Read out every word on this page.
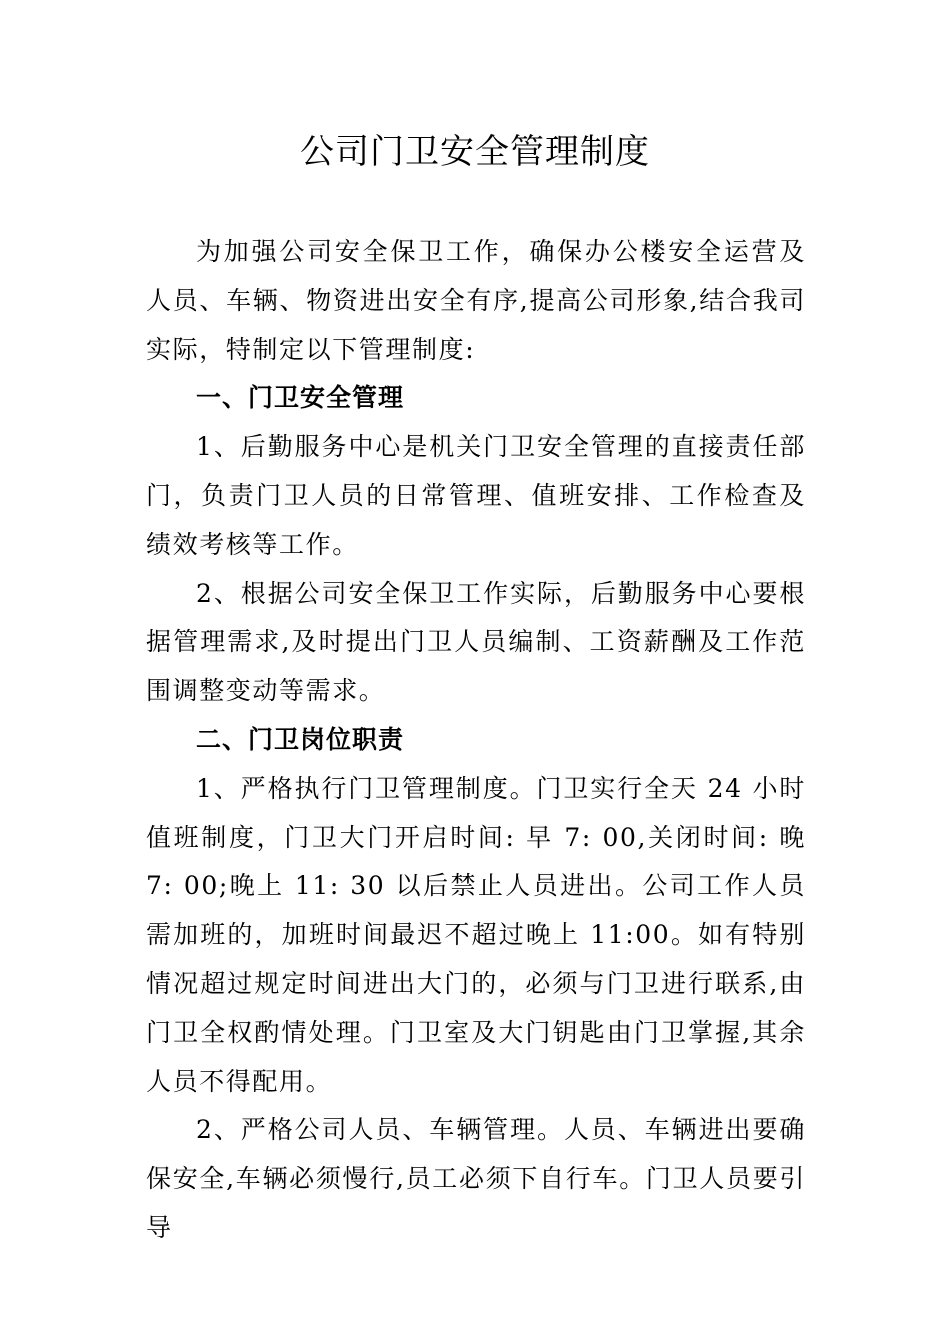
公司门卫安全管理制度

为加强公司安全保卫工作，确保办公楼安全运营及人员、车辆、物资进出安全有序,提高公司形象,结合我司实际，特制定以下管理制度:

一、门卫安全管理

1、后勤服务中心是机关门卫安全管理的直接责任部门，负责门卫人员的日常管理、值班安排、工作检查及绩效考核等工作。

2、根据公司安全保卫工作实际，后勤服务中心要根据管理需求,及时提出门卫人员编制、工资薪酬及工作范围调整变动等需求。

二、门卫岗位职责

1、严格执行门卫管理制度。门卫实行全天 24 小时值班制度，门卫大门开启时间: 早 7: 00,关闭时间: 晚 7: 00;晚上 11: 30 以后禁止人员进出。公司工作人员需加班的，加班时间最迟不超过晚上 11:00。如有特别情况超过规定时间进出大门的，必须与门卫进行联系,由门卫全权酌情处理。门卫室及大门钥匙由门卫掌握,其余人员不得配用。

2、严格公司人员、车辆管理。人员、车辆进出要确保安全,车辆必须慢行,员工必须下自行车。门卫人员要引导
